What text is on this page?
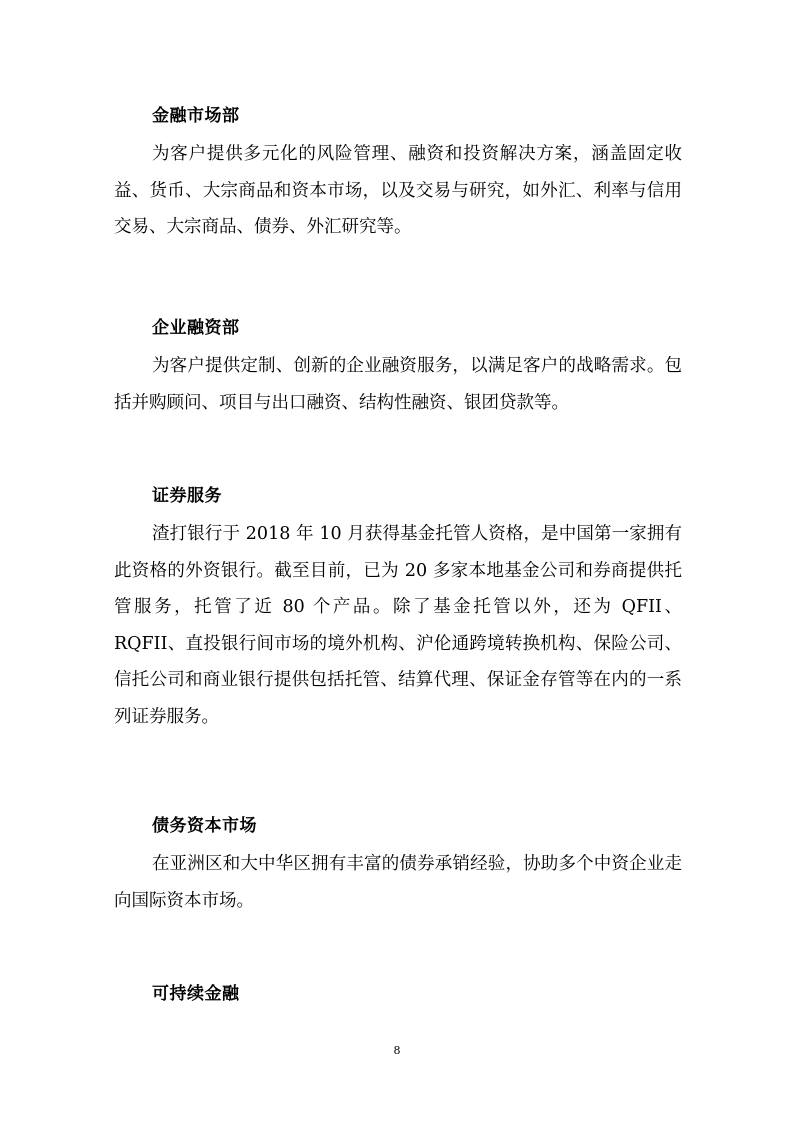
金融市场部

为客户提供多元化的风险管理、融资和投资解决方案，涵盖固定收益、货币、大宗商品和资本市场，以及交易与研究，如外汇、利率与信用交易、大宗商品、债券、外汇研究等。

企业融资部

为客户提供定制、创新的企业融资服务，以满足客户的战略需求。包括并购顾问、项目与出口融资、结构性融资、银团贷款等。

证券服务

渣打银行于 2018 年 10 月获得基金托管人资格，是中国第一家拥有此资格的外资银行。截至目前，已为 20 多家本地基金公司和券商提供托管服务，托管了近 80 个产品。除了基金托管以外，还为 QFII、RQFII、直投银行间市场的境外机构、沪伦通跨境转换机构、保险公司、信托公司和商业银行提供包括托管、结算代理、保证金存管等在内的一系列证券服务。

债务资本市场

在亚洲区和大中华区拥有丰富的债券承销经验，协助多个中资企业走向国际资本市场。

可持续金融
8
